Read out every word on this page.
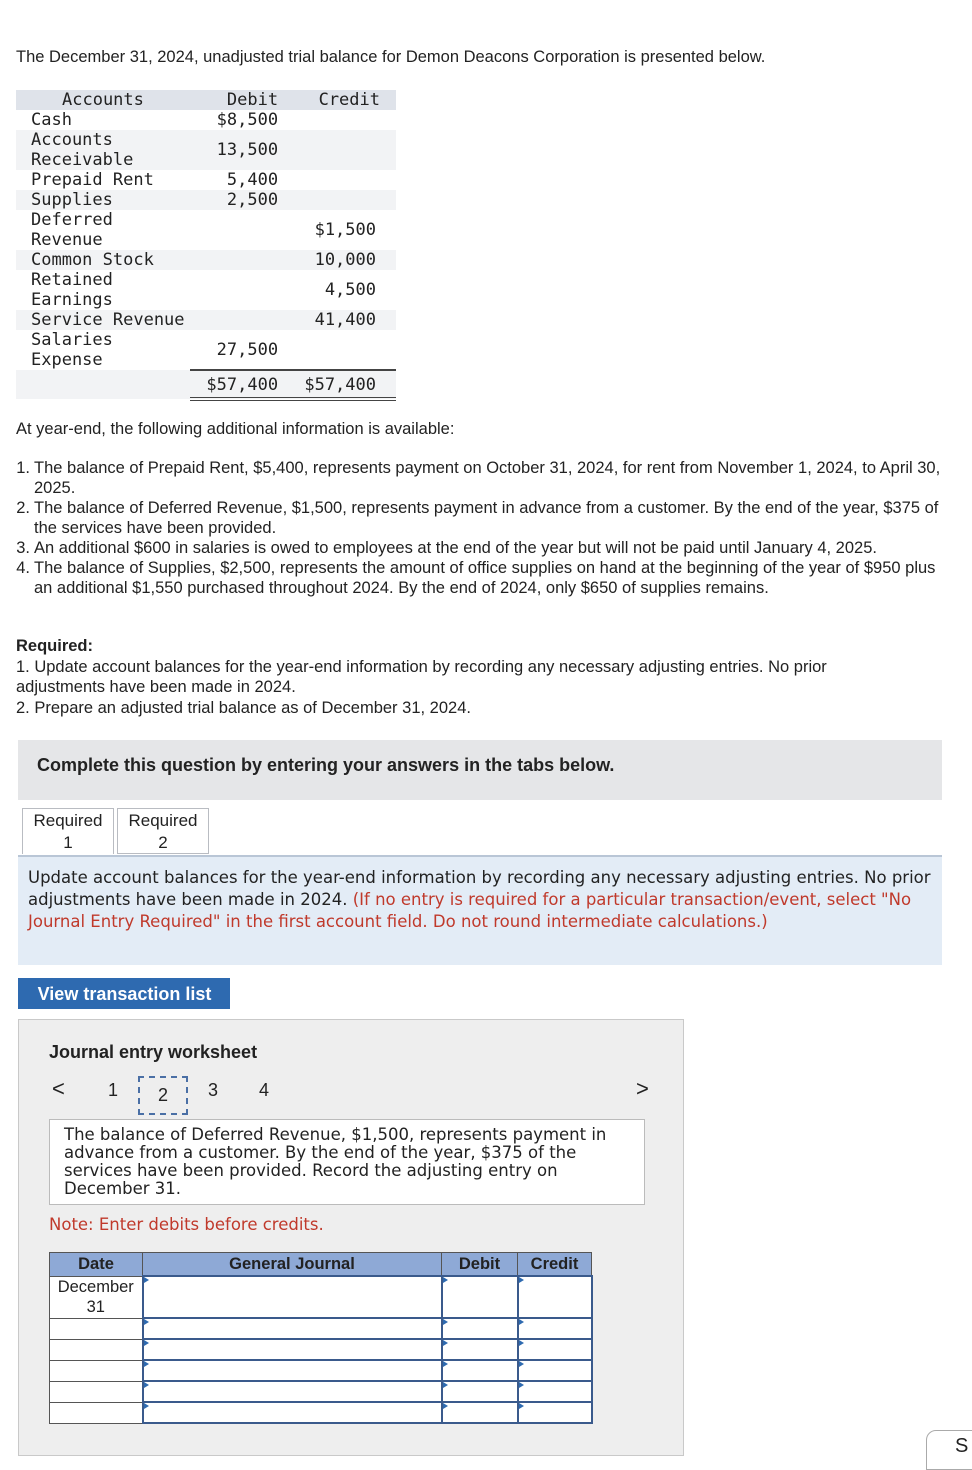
The December 31, 2024, unadjusted trial balance for Demon Deacons Corporation is presented below.

Accounts	Debit	Credit
Cash	$8,500	
Accounts Receivable	13,500	
Prepaid Rent	5,400	
Supplies	2,500	
Deferred Revenue		$1,500
Common Stock		10,000
Retained Earnings		4,500
Service Revenue		41,400
Salaries Expense	27,500	
	$57,400	$57,400

At year-end, the following additional information is available:

1. The balance of Prepaid Rent, $5,400, represents payment on October 31, 2024, for rent from November 1, 2024, to April 30, 2025.
2. The balance of Deferred Revenue, $1,500, represents payment in advance from a customer. By the end of the year, $375 of the services have been provided.
3. An additional $600 in salaries is owed to employees at the end of the year but will not be paid until January 4, 2025.
4. The balance of Supplies, $2,500, represents the amount of office supplies on hand at the beginning of the year of $950 plus an additional $1,550 purchased throughout 2024. By the end of 2024, only $650 of supplies remains.
Required:
1. Update account balances for the year-end information by recording any necessary adjusting entries. No prior adjustments have been made in 2024.
2. Prepare an adjusted trial balance as of December 31, 2024.
Complete this question by entering your answers in the tabs below.
Required
1
Required
2
Update account balances for the year-end information by recording any necessary adjusting entries. No prior adjustments have been made in 2024. (If no entry is required for a particular transaction/event, select "No Journal Entry Required" in the first account field. Do not round intermediate calculations.)
View transaction list
Journal entry worksheet
< 1	2	3 4	>
The balance of Deferred Revenue, $1,500, represents payment in advance from a customer. By the end of the year, $375 of the services have been provided. Record the adjusting entry on December 31.
Note: Enter debits before credits.
Date	General Journal	Debit	Credit

December
31			

S
